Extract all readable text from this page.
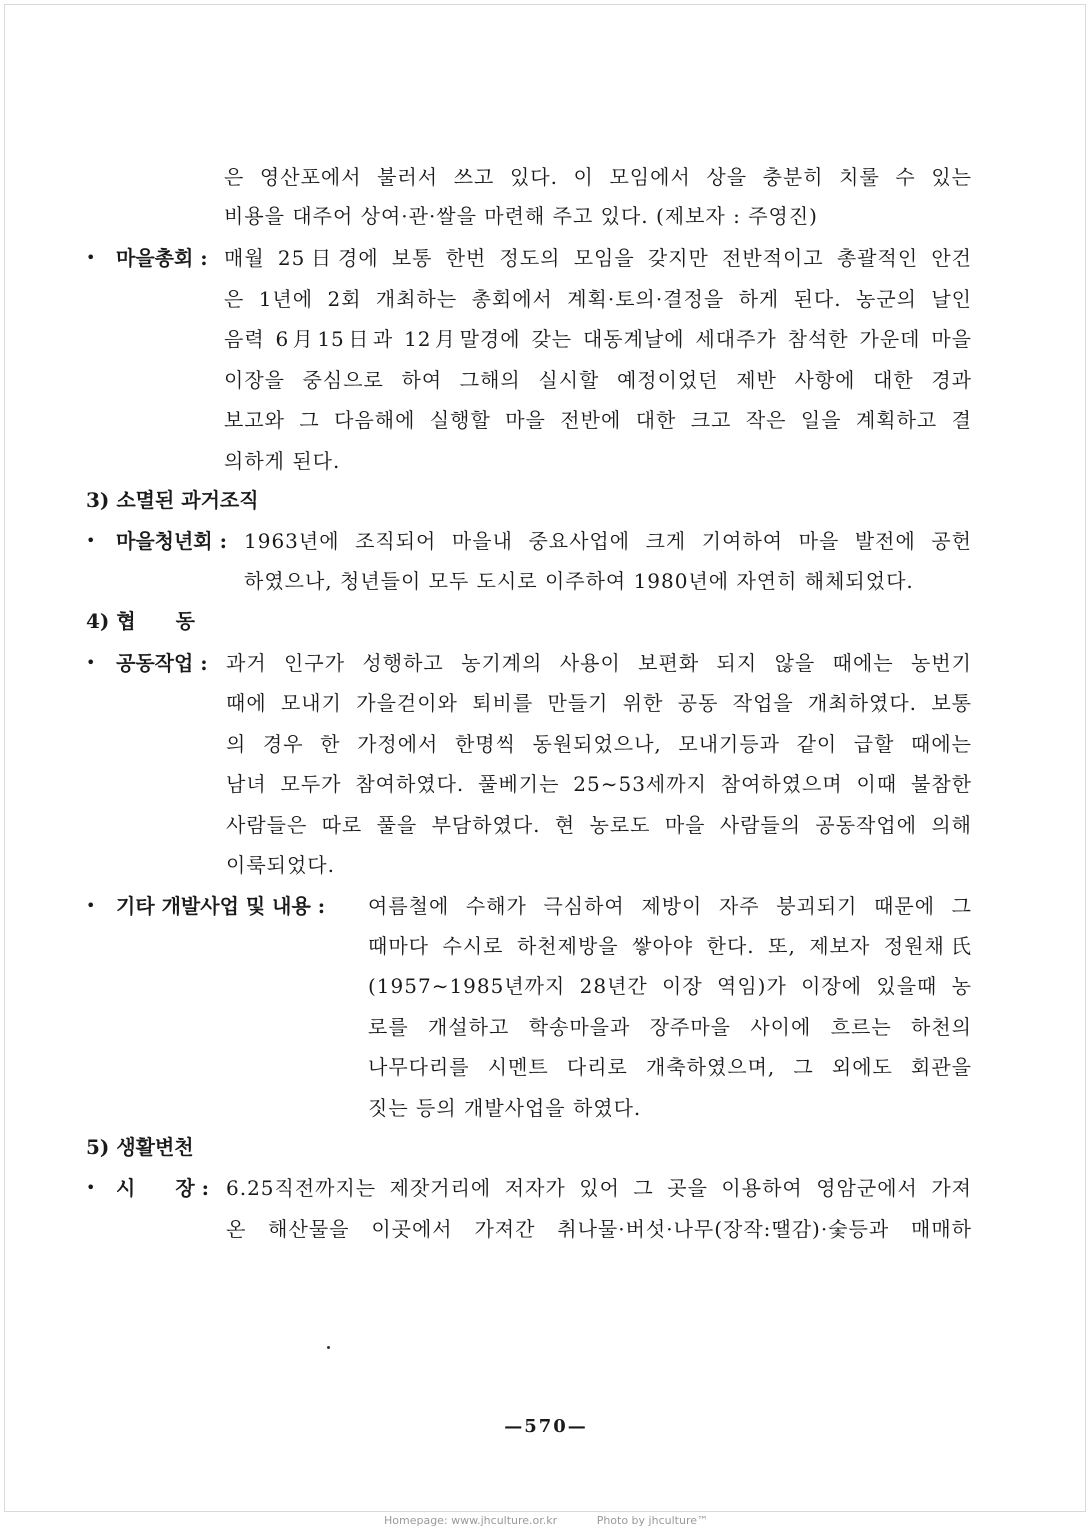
은 영산포에서 불러서 쓰고 있다. 이 모임에서 상을 충분히 치룰 수 있는
비용을 대주어 상여·관·쌀을 마련해 주고 있다. (제보자 : 주영진)
• 마을총회 : 매월 25日경에 보통 한번 정도의 모임을 갖지만 전반적이고 총괄적인 안건
은 1년에 2회 개최하는 총회에서 계획·토의·결정을 하게 된다. 농군의 날인
음력 6月15日과 12月말경에 갖는 대동계날에 세대주가 참석한 가운데 마을
이장을 중심으로 하여 그해의 실시할 예정이었던 제반 사항에 대한 경과
보고와 그 다음해에 실행할 마을 전반에 대한 크고 작은 일을 계획하고 결
의하게 된다.
3) 소멸된 과거조직
• 마을청년회 : 1963년에 조직되어 마을내 중요사업에 크게 기여하여 마을 발전에 공헌
하였으나, 청년들이 모두 도시로 이주하여 1980년에 자연히 해체되었다.
4) 협　　동
• 공동작업 : 과거 인구가 성행하고 농기계의 사용이 보편화 되지 않을 때에는 농번기
때에 모내기 가을걷이와 퇴비를 만들기 위한 공동 작업을 개최하였다. 보통
의 경우 한 가정에서 한명씩 동원되었으나, 모내기등과 같이 급할 때에는
남녀 모두가 참여하였다. 풀베기는 25∼53세까지 참여하였으며 이때 불참한
사람들은 따로 풀을 부담하였다. 현 농로도 마을 사람들의 공동작업에 의해
이룩되었다.
• 기타 개발사업 및 내용 : 여름철에 수해가 극심하여 제방이 자주 붕괴되기 때문에 그
때마다 수시로 하천제방을 쌓아야 한다. 또, 제보자 정원채氏
(1957∼1985년까지 28년간 이장 역임)가 이장에 있을때 농
로를 개설하고 학송마을과 장주마을 사이에 흐르는 하천의
나무다리를 시멘트 다리로 개축하였으며, 그 외에도 회관을
짓는 등의 개발사업을 하였다.
5) 생활변천
• 시　　장 : 6.25직전까지는 제잣거리에 저자가 있어 그 곳을 이용하여 영암군에서 가져
온 해산물을 이곳에서 가져간 취나물·버섯·나무(장작:땔감)·숯등과 매매하
—570—
Homepage: www.jhculture.or.kr	Photo by jhculture™
